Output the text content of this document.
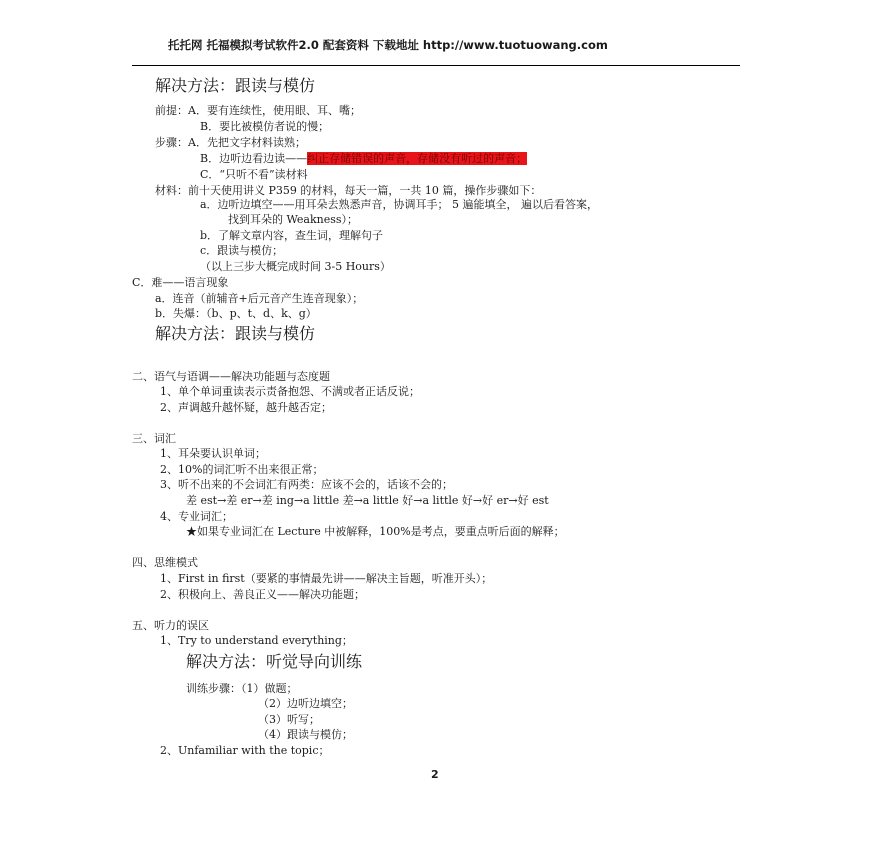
托托网 托福模拟考试软件2.0 配套资料 下载地址 http://www.tuotuowang.com
解决方法：跟读与模仿
前提：A．要有连续性，使用眼、耳、嘴；
B．要比被模仿者说的慢；
步骤：A．先把文字材料读熟；
B．边听边看边读——纠正存储错误的声音，存储没有听过的声音；
C．“只听不看”读材料
材料：前十天使用讲义 P359 的材料，每天一篇，一共 10 篇，操作步骤如下：
a．边听边填空——用耳朵去熟悉声音，协调耳手； 5 遍能填全， 遍以后看答案，
找到耳朵的 Weakness）；
b．了解文章内容，查生词，理解句子
c．跟读与模仿；
（以上三步大概完成时间 3-5 Hours）
C．难——语言现象
a．连音（前辅音+后元音产生连音现象）；
b．失爆：（b、p、t、d、k、g）
解决方法：跟读与模仿
二、语气与语调——解决功能题与态度题
1、单个单词重读表示责备抱怨、不满或者正话反说；
2、声调越升越怀疑，越升越否定；
三、词汇
1、耳朵要认识单词；
2、10%的词汇听不出来很正常；
3、听不出来的不会词汇有两类：应该不会的，话该不会的；
差 est→差 er→差 ing→a little 差→a little 好→a little 好→好 er→好 est
4、专业词汇；
★如果专业词汇在 Lecture 中被解释，100%是考点，要重点听后面的解释；
四、思维模式
1、First in first（要紧的事情最先讲——解决主旨题，听准开头）；
2、积极向上、善良正义——解决功能题；
五、听力的误区
1、Try to understand everything；
解决方法：听觉导向训练
训练步骤：（1）做题；
（2）边听边填空；
（3）听写；
（4）跟读与模仿；
2、Unfamiliar with the topic；
2
